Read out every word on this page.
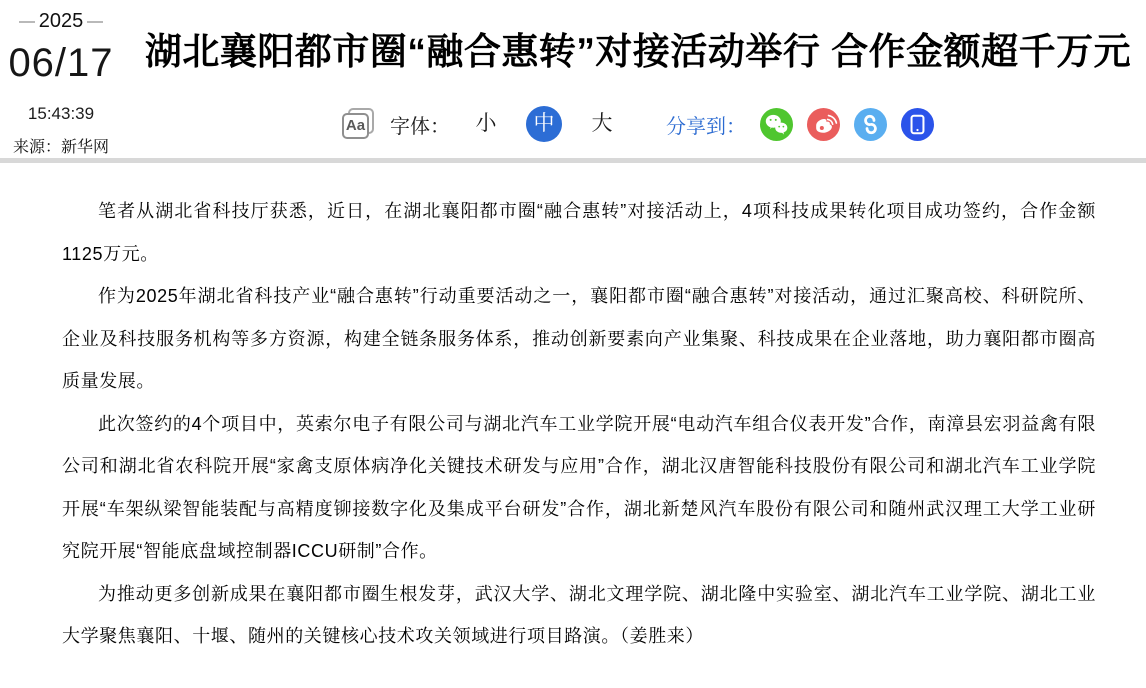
2025
06/17
15:43:39
来源：新华网
湖北襄阳都市圈“融合惠转”对接活动举行 合作金额超千万元
Aa 字体：	小	中	大	分享到：

笔者从湖北省科技厅获悉，近日，在湖北襄阳都市圈“融合惠转”对接活动上，4项科技成果转化项目成功签约，合作金额1125万元。

作为2025年湖北省科技产业“融合惠转”行动重要活动之一，襄阳都市圈“融合惠转”对接活动，通过汇聚高校、科研院所、企业及科技服务机构等多方资源，构建全链条服务体系，推动创新要素向产业集聚、科技成果在企业落地，助力襄阳都市圈高质量发展。

此次签约的4个项目中，英索尔电子有限公司与湖北汽车工业学院开展“电动汽车组合仪表开发”合作，南漳县宏羽益禽有限公司和湖北省农科院开展“家禽支原体病净化关键技术研发与应用”合作，湖北汉唐智能科技股份有限公司和湖北汽车工业学院开展“车架纵梁智能装配与高精度铆接数字化及集成平台研发”合作，湖北新楚风汽车股份有限公司和随州武汉理工大学工业研究院开展“智能底盘域控制器ICCU研制”合作。

为推动更多创新成果在襄阳都市圈生根发芽，武汉大学、湖北文理学院、湖北隆中实验室、湖北汽车工业学院、湖北工业大学聚焦襄阳、十堰、随州的关键核心技术攻关领域进行项目路演。（姜胜来）
